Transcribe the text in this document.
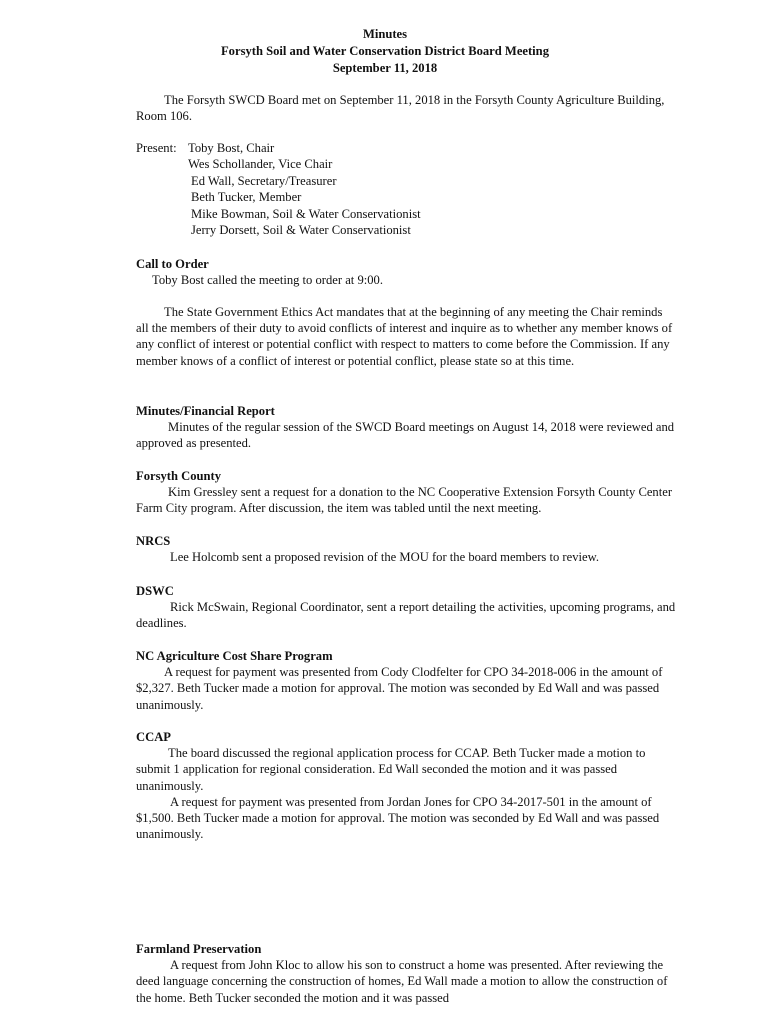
Minutes
Forsyth Soil and Water Conservation District Board Meeting
September 11, 2018

The Forsyth SWCD Board met on September 11, 2018 in the Forsyth County Agriculture Building, Room 106.

Present: Toby Bost, Chair
Wes Schollander, Vice Chair
Ed Wall, Secretary/Treasurer
Beth Tucker, Member
Mike Bowman, Soil & Water Conservationist
Jerry Dorsett, Soil & Water Conservationist

Call to Order

Toby Bost called the meeting to order at 9:00.

The State Government Ethics Act mandates that at the beginning of any meeting the Chair reminds all the members of their duty to avoid conflicts of interest and inquire as to whether any member knows of any conflict of interest or potential conflict with respect to matters to come before the Commission. If any member knows of a conflict of interest or potential conflict, please state so at this time.

Minutes/Financial Report

Minutes of the regular session of the SWCD Board meetings on August 14, 2018 were reviewed and approved as presented.

Forsyth County

Kim Gressley sent a request for a donation to the NC Cooperative Extension Forsyth County Center Farm City program. After discussion, the item was tabled until the next meeting.

NRCS

Lee Holcomb sent a proposed revision of the MOU for the board members to review.

DSWC

Rick McSwain, Regional Coordinator, sent a report detailing the activities, upcoming programs, and deadlines.

NC Agriculture Cost Share Program

A request for payment was presented from Cody Clodfelter for CPO 34-2018-006 in the amount of $2,327. Beth Tucker made a motion for approval. The motion was seconded by Ed Wall and was passed unanimously.

CCAP

The board discussed the regional application process for CCAP. Beth Tucker made a motion to submit 1 application for regional consideration. Ed Wall seconded the motion and it was passed unanimously.

A request for payment was presented from Jordan Jones for CPO 34-2017-501 in the amount of $1,500. Beth Tucker made a motion for approval. The motion was seconded by Ed Wall and was passed unanimously.

Farmland Preservation

A request from John Kloc to allow his son to construct a home was presented. After reviewing the deed language concerning the construction of homes, Ed Wall made a motion to allow the construction of the home. Beth Tucker seconded the motion and it was passed
